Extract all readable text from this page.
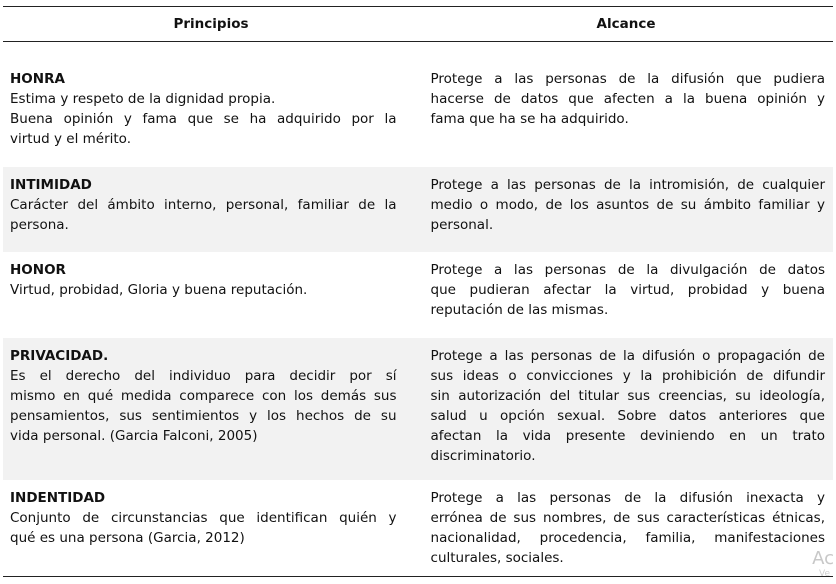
Principios	Alcance
HONRA
Estima y respeto de la dignidad propia.
Buena opinión y fama que se ha adquirido por la
virtud y el mérito.
Protege a las personas de la difusión que pudiera
hacerse de datos que afecten a la buena opinión y
fama que ha se ha adquirido.
INTIMIDAD
Carácter del ámbito interno, personal, familiar de la
persona.
Protege a las personas de la intromisión, de cualquier
medio o modo, de los asuntos de su ámbito familiar y
personal.
HONOR
Virtud, probidad, Gloria y buena reputación.
Protege a las personas de la divulgación de datos
que pudieran afectar la virtud, probidad y buena
reputación de las mismas.
PRIVACIDAD.
Es el derecho del individuo para decidir por sí
mismo en qué medida comparece con los demás sus
pensamientos, sus sentimientos y los hechos de su
vida personal. (Garcia Falconi, 2005)
Protege a las personas de la difusión o propagación de
sus ideas o convicciones y la prohibición de difundir
sin autorización del titular sus creencias, su ideología,
salud u opción sexual. Sobre datos anteriores que
afectan la vida presente deviniendo en un trato
discriminatorio.
INDENTIDAD
Conjunto de circunstancias que identifican quién y
qué es una persona (Garcia, 2012)
Protege a las personas de la difusión inexacta y
errónea de sus nombres, de sus características étnicas,
nacionalidad, procedencia, familia, manifestaciones
culturales, sociales.	Ac
Ve
